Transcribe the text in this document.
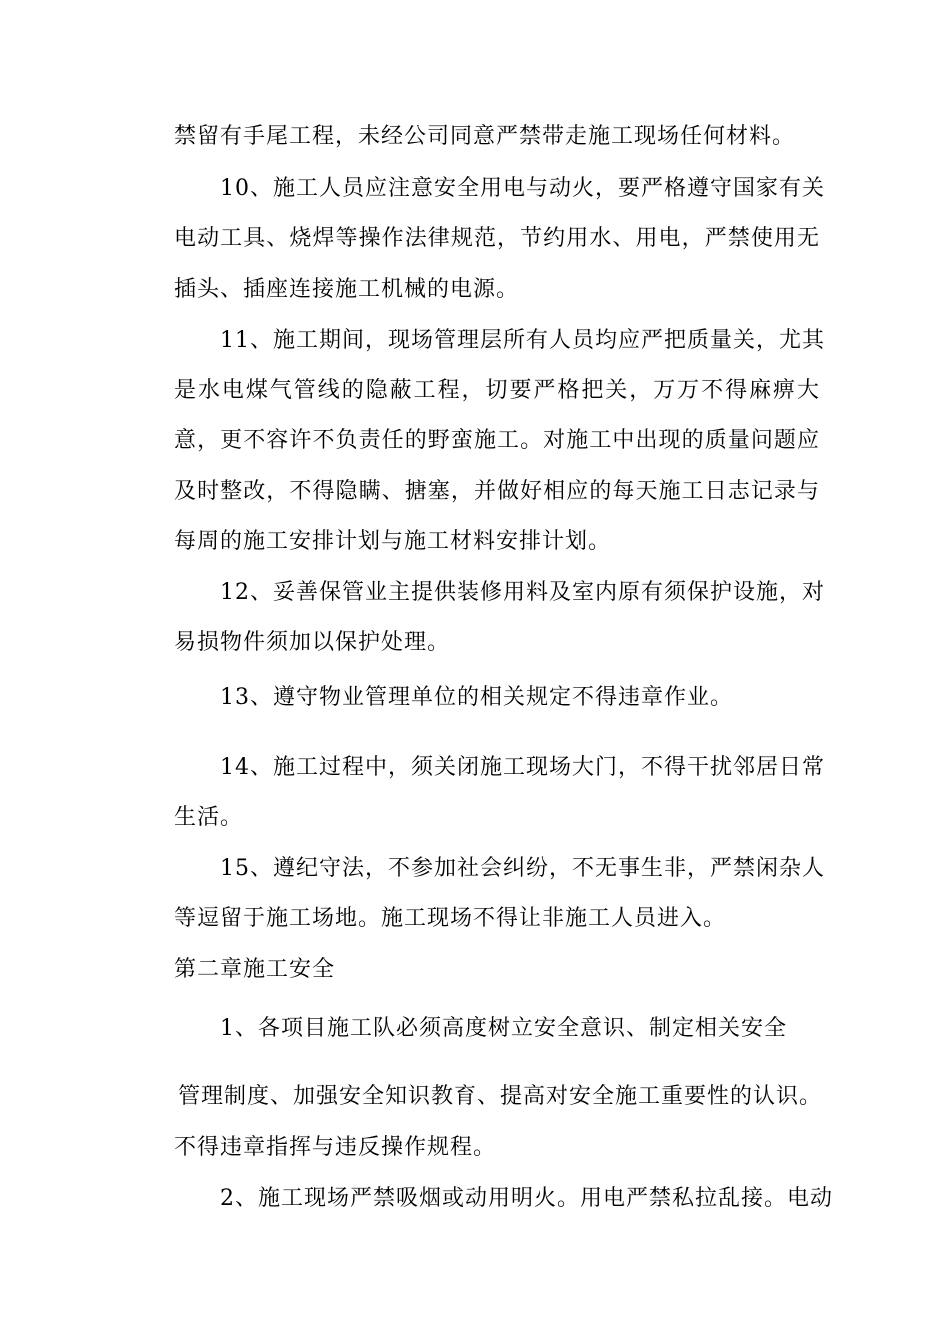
禁留有手尾工程，未经公司同意严禁带走施工现场任何材料。
10、施工人员应注意安全用电与动火，要严格遵守国家有关
电动工具、烧焊等操作法律规范，节约用水、用电，严禁使用无
插头、插座连接施工机械的电源。
11、施工期间，现场管理层所有人员均应严把质量关，尤其
是水电煤气管线的隐蔽工程，切要严格把关，万万不得麻痹大
意，更不容许不负责任的野蛮施工。对施工中出现的质量问题应
及时整改，不得隐瞒、搪塞，并做好相应的每天施工日志记录与
每周的施工安排计划与施工材料安排计划。
12、妥善保管业主提供装修用料及室内原有须保护设施，对
易损物件须加以保护处理。
13、遵守物业管理单位的相关规定不得违章作业。
14、施工过程中，须关闭施工现场大门，不得干扰邻居日常
生活。
15、遵纪守法，不参加社会纠纷，不无事生非，严禁闲杂人
等逗留于施工场地。施工现场不得让非施工人员进入。
第二章施工安全
1、各项目施工队必须高度树立安全意识、制定相关安全
管理制度、加强安全知识教育、提高对安全施工重要性的认识。
不得违章指挥与违反操作规程。
2、施工现场严禁吸烟或动用明火。用电严禁私拉乱接。电动
